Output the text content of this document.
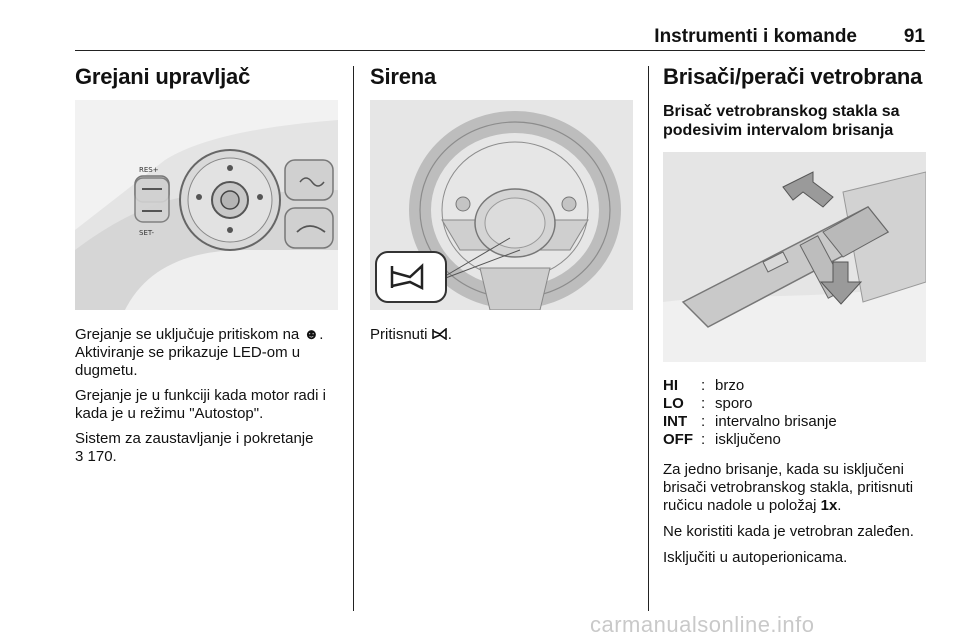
Instrumenti i komande 91
Grejani upravljač
RES+
SET-

Grejanje se uključuje pritiskom na ☻. Aktiviranje se prikazuje LED-om u dugmetu.

Grejanje je u funkciji kada motor radi i kada je u režimu "Autostop".

Sistem za zaustavljanje i pokretanje
3 170.

Sirena

Pritisnuti .

Brisači/perači vetrobrana
Brisač vetrobranskog stakla sa podesivim intervalom brisanja
HI	: brzo
LO	: sporo
INT : intervalno brisanje
OFF : isključeno

Za jedno brisanje, kada su isključeni brisači vetrobranskog stakla, pritisnuti ručicu nadole u položaj 1x.

Ne koristiti kada je vetrobran zaleđen.

Isključiti u autoperionicama.

carmanualsonline.info
